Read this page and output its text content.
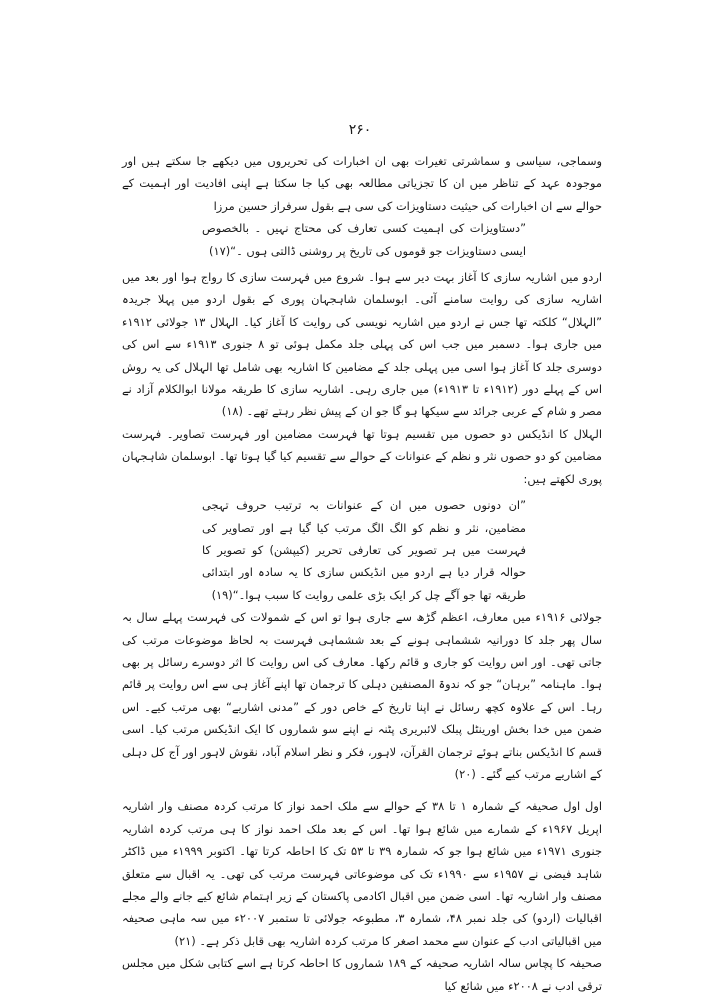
۲۶۰

وسماجی، سیاسی و سماشرتی تغیرات بھی ان اخبارات کی تحریروں میں دیکھے جا سکتے ہیں اور موجودہ عہد کے تناظر میں ان کا تجزیاتی مطالعہ بھی کیا جا سکتا ہے اپنی افادیت اور اہمیت کے حوالے سے ان اخبارات کی حیثیت دستاویزات کی سی ہے بقول سرفراز حسین مرزا

”دستاویزات کی اہمیت کسی تعارف کی محتاج نہیں ۔ بالخصوص ایسی دستاویزات جو قوموں کی تاریخ پر روشنی ڈالتی ہوں ۔“(۱۷)

اردو میں اشاریہ سازی کا آغاز بہت دیر سے ہوا۔ شروع میں فہرست سازی کا رواج ہوا اور بعد میں اشاریہ سازی کی روایت سامنے آئی۔ ابوسلمان شاہجہان پوری کے بقول اردو میں پہلا جریدہ ”الہلال“ کلکتہ تھا جس نے اردو میں اشاریہ نویسی کی روایت کا آغاز کیا۔ الہلال ۱۳ جولائی ۱۹۱۲ء میں جاری ہوا۔ دسمبر میں جب اس کی پہلی جلد مکمل ہوئی تو ۸ جنوری ۱۹۱۳ء سے اس کی دوسری جلد کا آغاز ہوا اسی میں پہلی جلد کے مضامین کا اشاریہ بھی شامل تھا الہلال کی یہ روش اس کے پہلے دور (۱۹۱۲ء تا ۱۹۱۳ء) میں جاری رہی۔ اشاریہ سازی کا طریقہ مولانا ابوالکلام آزاد نے مصر و شام کے عربی جرائد سے سیکھا ہو گا جو ان کے پیش نظر رہتے تھے۔ (۱۸)

الہلال کا انڈیکس دو حصوں میں تقسیم ہوتا تھا فہرست مضامین اور فہرست تصاویر۔ فہرست مضامین کو دو حصوں نثر و نظم کے عنوانات کے حوالے سے تقسیم کیا گیا ہوتا تھا۔ ابوسلمان شاہجہان پوری لکھتے ہیں:

”ان دونوں حصوں میں ان کے عنوانات بہ ترتیب حروف تہجی مضامین، نثر و نظم کو الگ الگ مرتب کیا گیا ہے اور تصاویر کی فہرست میں ہر تصویر کی تعارفی تحریر (کیپشن) کو تصویر کا حوالہ قرار دیا ہے اردو میں انڈیکس سازی کا یہ سادہ اور ابتدائی طریقہ تھا جو آگے چل کر ایک بڑی علمی روایت کا سبب ہوا۔“(۱۹)

جولائی ۱۹۱۶ء میں معارف، اعظم گڑھ سے جاری ہوا تو اس کے شمولات کی فہرست پہلے سال بہ سال پھر جلد کا دورانیہ ششماہی ہونے کے بعد ششماہی فہرست بہ لحاظ موضوعات مرتب کی جاتی تھی۔ اور اس روایت کو جاری و قائم رکھا۔ معارف کی اس روایت کا اثر دوسرے رسائل پر بھی ہوا۔ ماہنامہ ”برہان“ جو کہ ندوۃ المصنفین دہلی کا ترجمان تھا اپنے آغاز ہی سے اس روایت پر قائم رہا۔ اس کے علاوہ کچھ رسائل نے اپنا تاریخ کے خاص دور کے ”مدنی اشاریے“ بھی مرتب کیے۔ اس ضمن میں خدا بخش اورینٹل پبلک لائبریری پٹنہ نے اپنے سو شماروں کا ایک انڈیکس مرتب کیا۔ اسی قسم کا انڈیکس بناتے ہوئے ترجمان القرآن، لاہور، فکر و نظر اسلام آباد، نقوش لاہور اور آج کل دہلی کے اشاریے مرتب کیے گئے۔ (۲۰)

اول اول صحیفہ کے شمارہ ۱ تا ۳۸ کے حوالے سے ملک احمد نواز کا مرتب کردہ مصنف وار اشاریہ اپریل ۱۹۶۷ء کے شمارے میں شائع ہوا تھا۔ اس کے بعد ملک احمد نواز کا ہی مرتب کردہ اشاریہ جنوری ۱۹۷۱ء میں شائع ہوا جو کہ شمارہ ۳۹ تا ۵۳ تک کا احاطہ کرتا تھا۔ اکتوبر ۱۹۹۹ء میں ڈاکٹر شاہد فیضی نے ۱۹۵۷ء سے ۱۹۹۰ء تک کی موضوعاتی فہرست مرتب کی تھی۔ یہ اقبال سے متعلق مصنف وار اشاریہ تھا۔ اسی ضمن میں اقبال اکادمی پاکستان کے زیر اہتمام شائع کیے جانے والے مجلے اقبالیات (اردو) کی جلد نمبر ۴۸، شمارہ ۳، مطبوعہ جولائی تا ستمبر ۲۰۰۷ء میں سہ ماہی صحیفہ میں اقبالیاتی ادب کے عنوان سے محمد اصغر کا مرتب کردہ اشاریہ بھی قابل ذکر ہے۔ (۲۱)

صحیفہ کا پچاس سالہ اشاریہ صحیفہ کے ۱۸۹ شماروں کا احاطہ کرتا ہے اسے کتابی شکل میں مجلس ترقی ادب نے ۲۰۰۸ء میں شائع کیا
